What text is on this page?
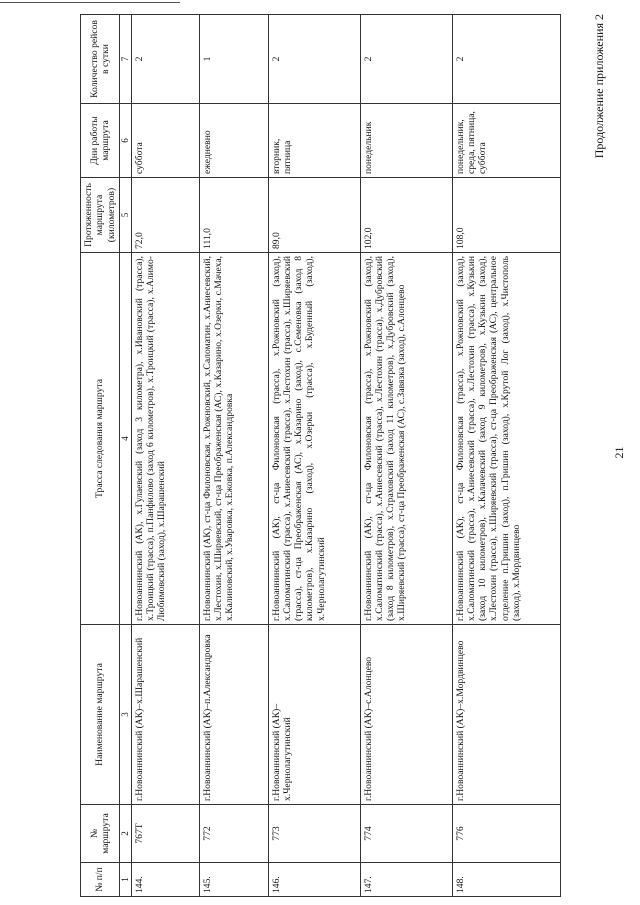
21
Продолжение приложения 2
№ п/п	№ маршрута	Наименование маршрута	Трасса следования маршрута	Протяженность маршрута (километров)	Дни работы маршрута	Количество рейсов в сутки
1	2	3	4	5	6	7
144.	767Т	г.Новоаннинский (АК)–х.Шарашенский	г.Новоаннинский (АК), х.Гулаевский (заход 3 километра), х.Ивановский (трасса), х.Троицкий (трасса), п.Панфилово (заход 6 километров), х.Троицкий (трасса), х.Алимо-Любимовский (заход), х.Шарашенский	72,0	суббота	2
145.	772	г.Новоаннинский (АК)–п.Александровка	г.Новоаннинский (АК), ст-ца Филоновская, х.Рожновский, х.Саломатин, х.Аниесевский, х.Лестохин, х.Ширяевский, ст-ца Преображенская (АС), х.Казарино, х.Озерки, с.Мачеха, х.Калиновский, х.Уваровка, х.Ежовка, п.Александровка	111,0	ежедневно	1
146.	773	г.Новоаннинский (АК)–х.Чернолагутинский	г.Новоаннинский (АК), ст-ца Филоновская (трасса), х.Рожновский (заход), х.Саломатинский (трасса), х.Аниесевский (трасса), х.Лестохин (трасса), х.Ширяевский (трасса), ст-ца Преображенская (АС), х.Казарино (заход), с.Семеновка (заход 8 километров), х.Казарино (заход), х.Озерки (трасса), х.Буденный (заход), х.Чернолагутинский	89,0	вторник, пятница	2
147.	774	г.Новоаннинский (АК)–с.Алонцево	г.Новоаннинский (АК), ст-ца Филоновская (трасса), х.Рожновский (заход), х.Саломатинский (трасса), х.Аниесевский (трасса), х.Лестохин (трасса), х.Дубровский (заход 8 километров), х.Страховский (заход 11 километров), х.Дубровский (заход), х.Ширяевский (трасса), ст-ца Преображенская (АС), с.Завязка (заход), с.Алонцево	102,0	понедельник	2
148.	776	г.Новоаннинский (АК)–х.Мордвинцево	г.Новоаннинский (АК), ст-ца Филоновская (трасса), х.Рожновский (заход), х.Саломатинский (трасса), х.Аниесевский (трасса), х.Лестохин (трасса), х.Кузькин (заход 10 километров), х.Калачевский (заход 9 километров), х.Кузькин (заход), х.Лестохин (трасса), х.Ширяевский (трасса), ст-ца Преображенская (АС), центральное отделение п.Гришин (заход), п.Гришин (заход), х.Крутой Лог (заход), х.Чистополь (заход), х.Мордвинцево	108,0	понедельник, среда, пятница, суббота	2
